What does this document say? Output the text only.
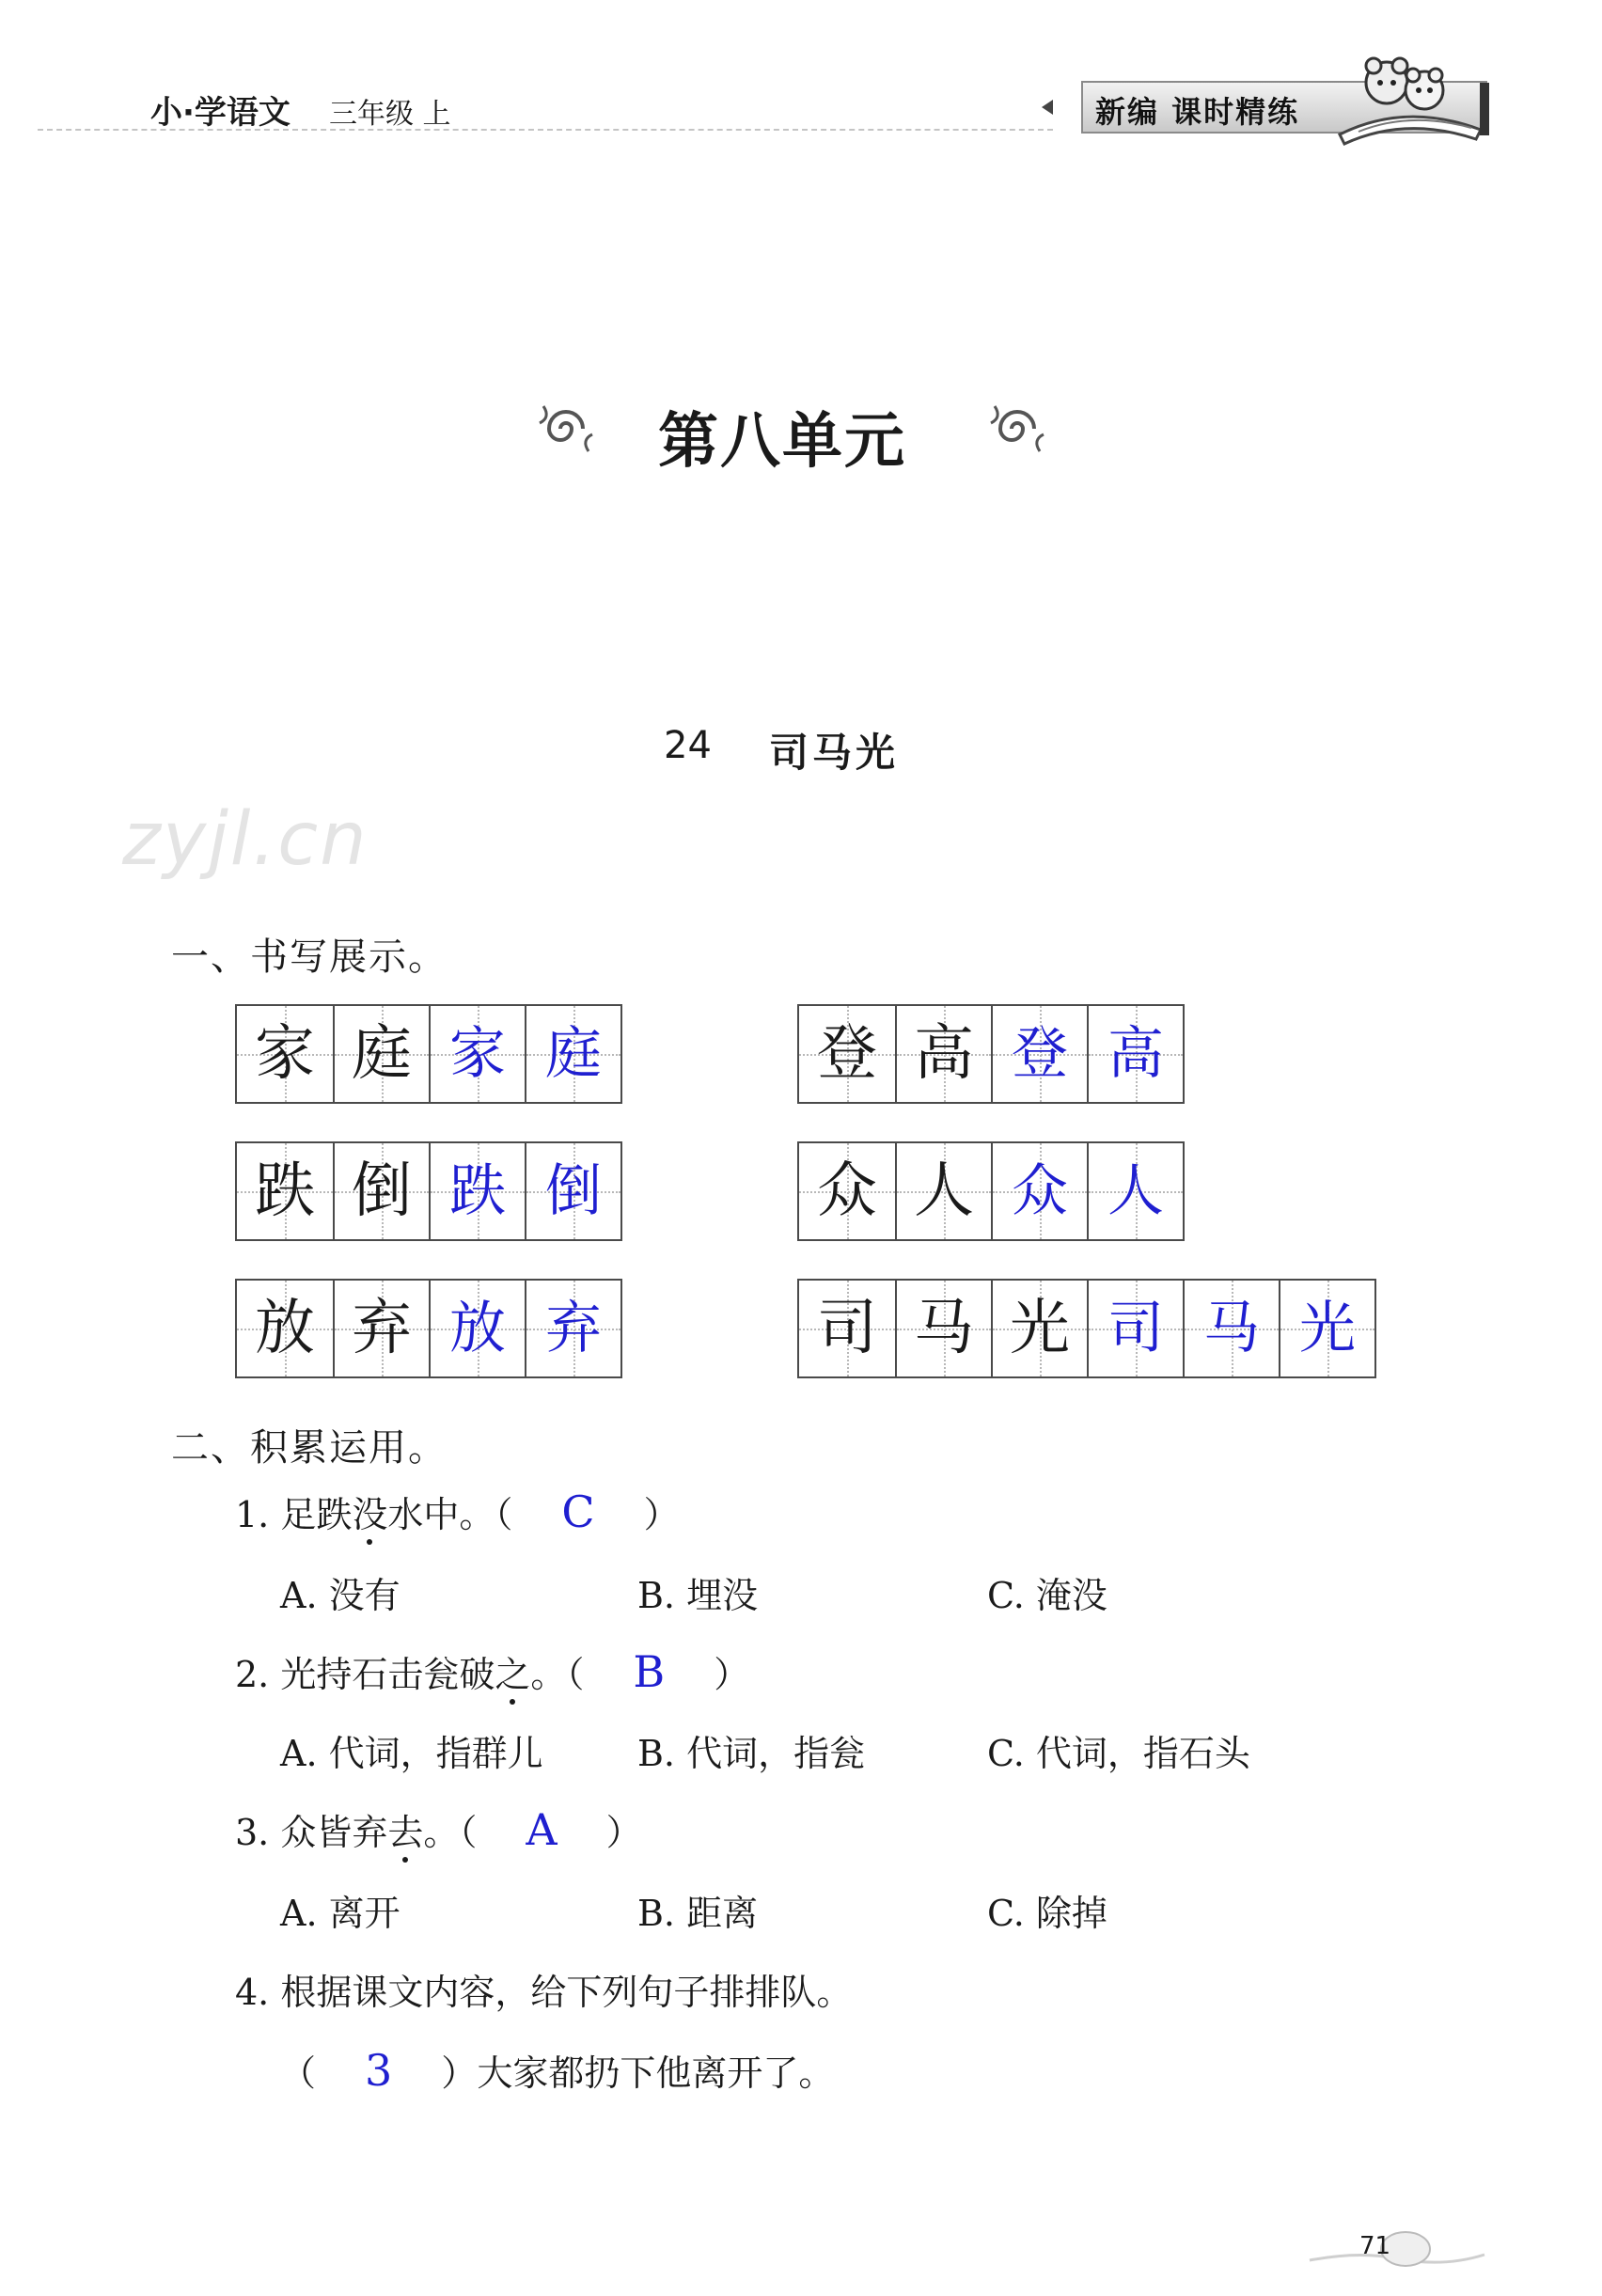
小·学语文 三年级 上	新编 课时精练
第八单元
24 司马光
zyjl.cn
一、书写展示。
家 庭 家 庭	登 高 登 高
跌 倒 跌 倒	众 人 众 人
放 弃 放 弃	司 马 光 司 马 光
二、积累运用。
1. 足跌没水中。（ C ）
A. 没有	B. 埋没	C. 淹没
2. 光持石击瓮破之。（ B ）
A. 代词，指群儿	B. 代词，指瓮	C. 代词，指石头
3. 众皆弃去。（ A ）
A. 离开	B. 距离	C. 除掉
4. 根据课文内容，给下列句子排排队。
（ 3 ）大家都扔下他离开了。
71
